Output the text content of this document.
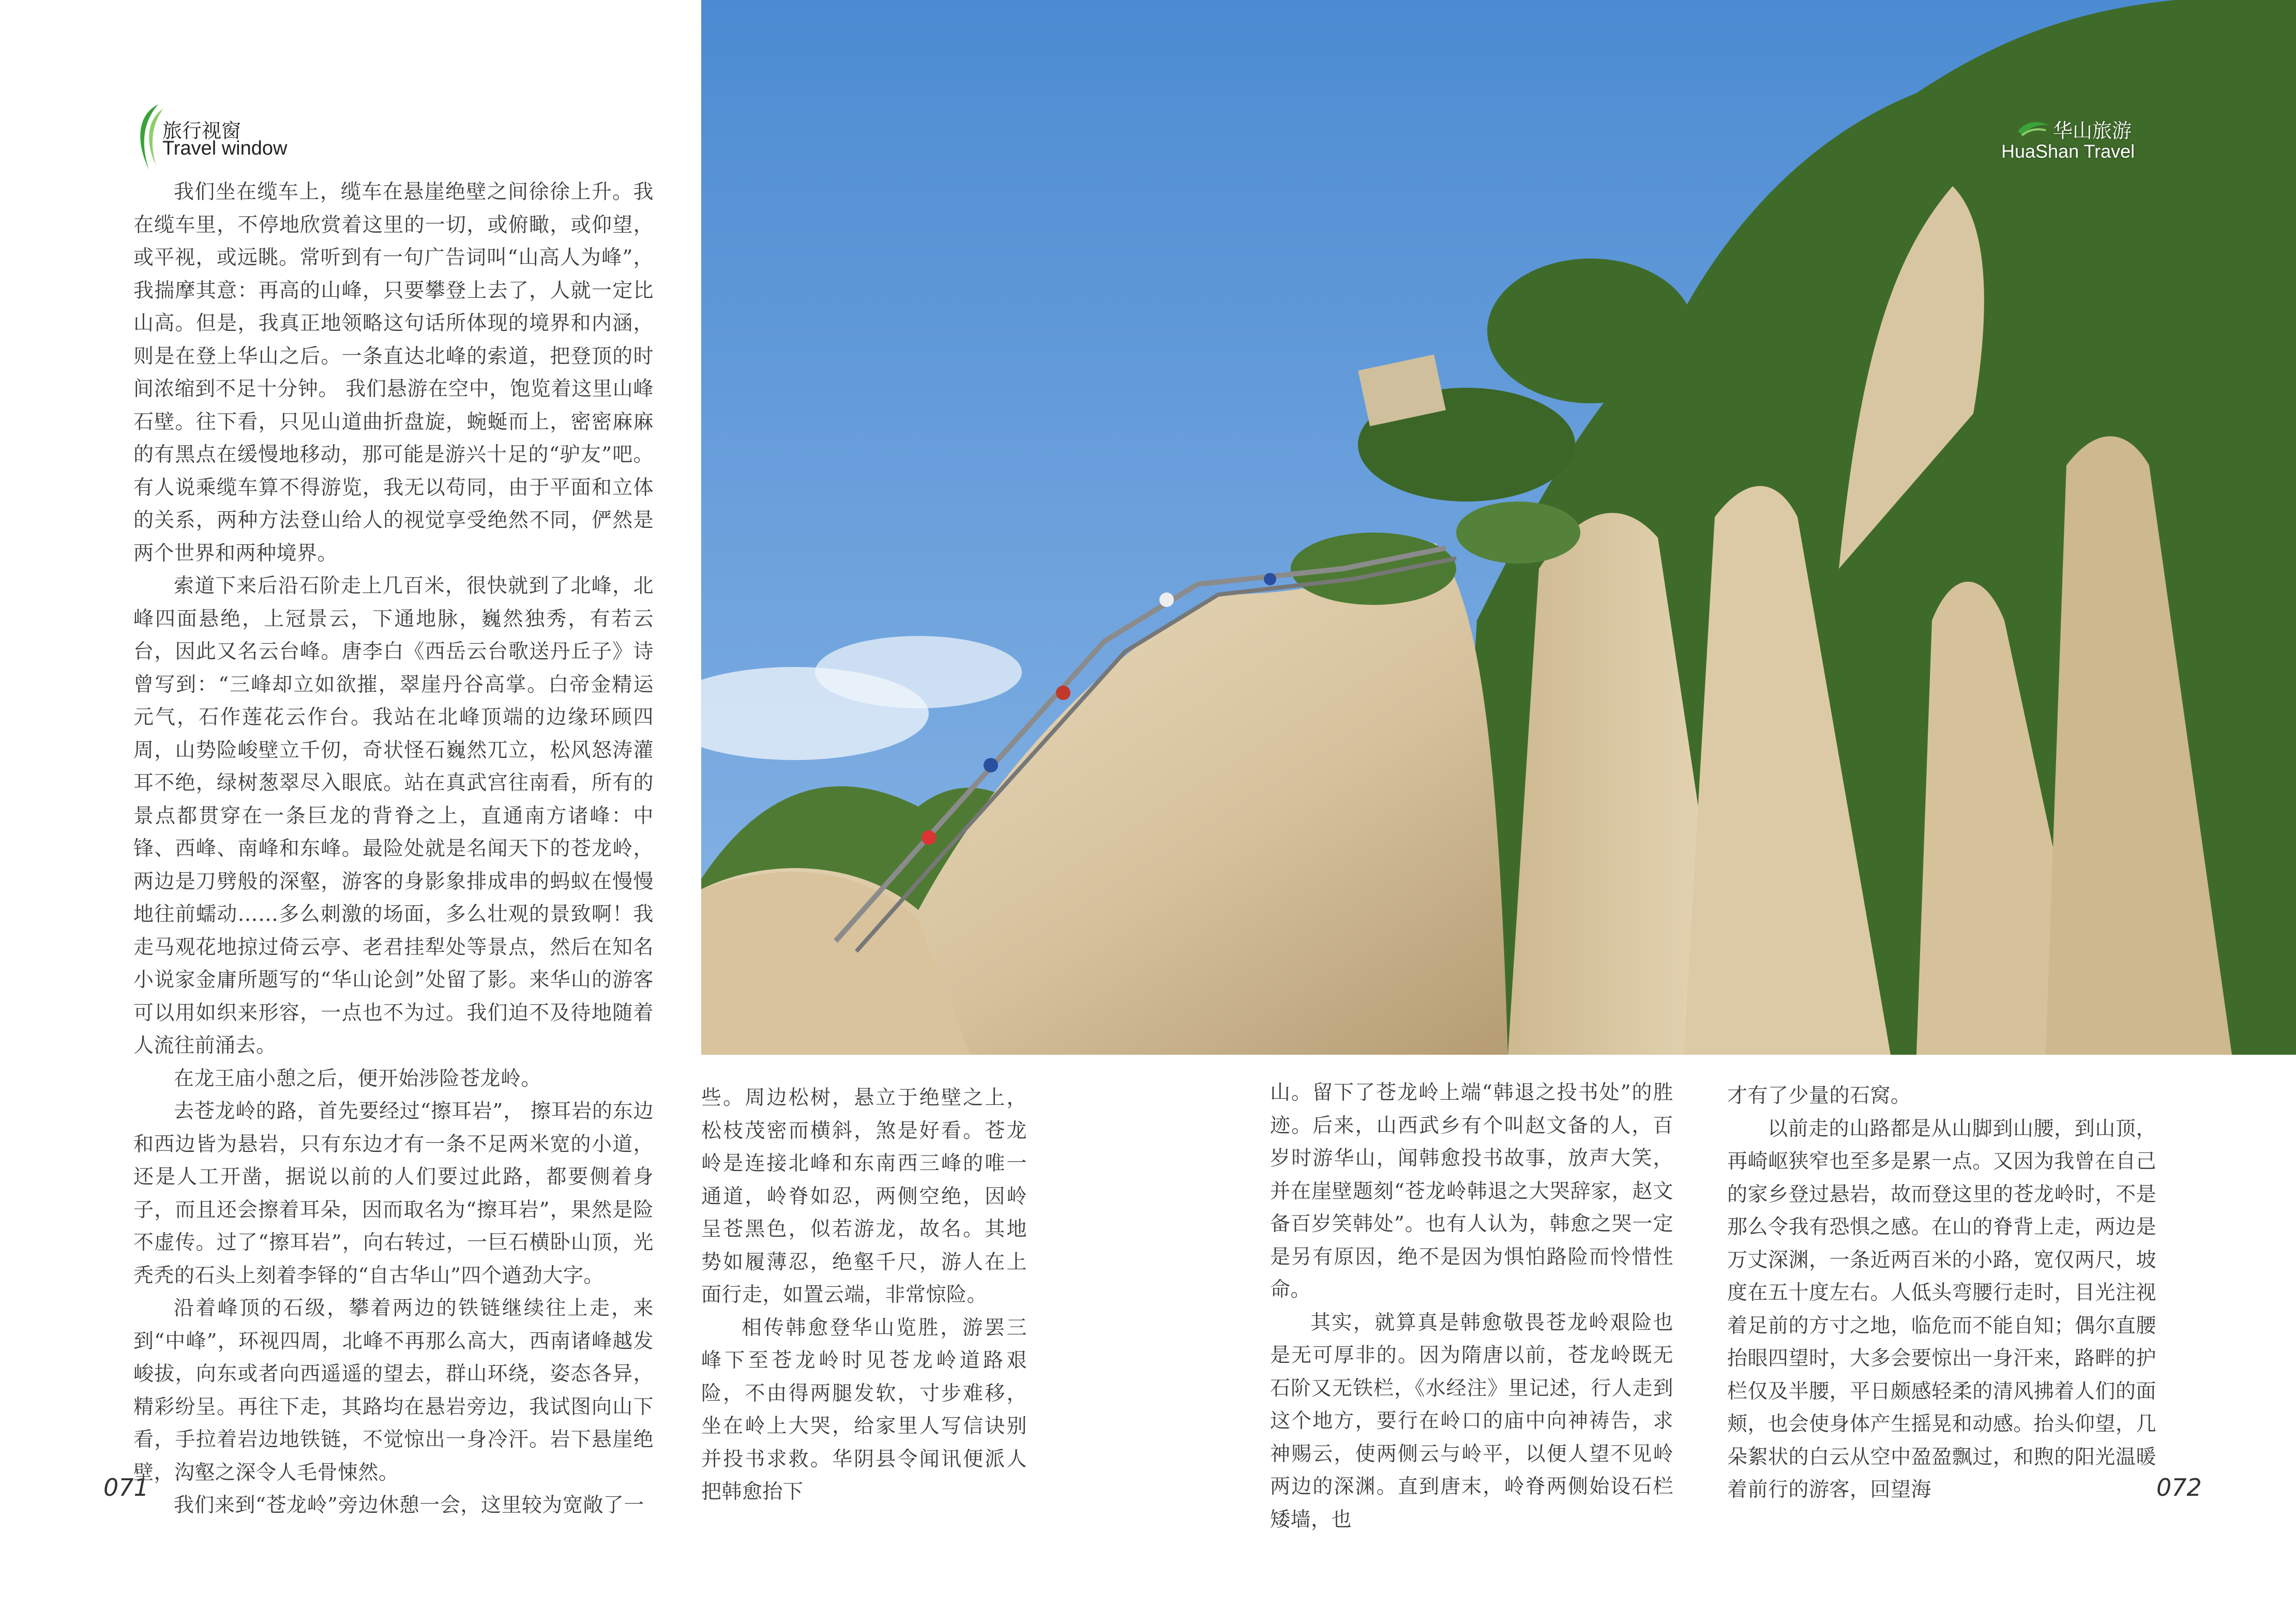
旅行视窗
Travel window

我们坐在缆车上，缆车在悬崖绝壁之间徐徐上升。我在缆车里，不停地欣赏着这里的一切，或俯瞰，或仰望，或平视，或远眺。常听到有一句广告词叫“山高人为峰”，我揣摩其意：再高的山峰，只要攀登上去了，人就一定比山高。但是，我真正地领略这句话所体现的境界和内涵，则是在登上华山之后。一条直达北峰的索道，把登顶的时间浓缩到不足十分钟。 我们悬游在空中，饱览着这里山峰石壁。往下看，只见山道曲折盘旋，蜿蜒而上，密密麻麻的有黑点在缓慢地移动，那可能是游兴十足的“驴友”吧。有人说乘缆车算不得游览，我无以苟同，由于平面和立体的关系，两种方法登山给人的视觉享受绝然不同，俨然是两个世界和两种境界。

索道下来后沿石阶走上几百米，很快就到了北峰，北峰四面悬绝，上冠景云，下通地脉，巍然独秀，有若云台，因此又名云台峰。唐李白《西岳云台歌送丹丘子》诗曾写到：“三峰却立如欲摧，翠崖丹谷高掌。白帝金精运元气，石作莲花云作台。我站在北峰顶端的边缘环顾四周，山势险峻壁立千仞，奇状怪石巍然兀立，松风怒涛灌耳不绝，绿树葱翠尽入眼底。站在真武宫往南看，所有的景点都贯穿在一条巨龙的背脊之上，直通南方诸峰：中锋、西峰、南峰和东峰。最险处就是名闻天下的苍龙岭，两边是刀劈般的深壑，游客的身影象排成串的蚂蚁在慢慢地往前蠕动……多么刺激的场面，多么壮观的景致啊！我走马观花地掠过倚云亭、老君挂犁处等景点，然后在知名小说家金庸所题写的“华山论剑”处留了影。来华山的游客可以用如织来形容，一点也不为过。我们迫不及待地随着人流往前涌去。

在龙王庙小憩之后，便开始涉险苍龙岭。

去苍龙岭的路，首先要经过“擦耳岩”， 擦耳岩的东边和西边皆为悬岩，只有东边才有一条不足两米宽的小道，还是人工开凿，据说以前的人们要过此路，都要侧着身子，而且还会擦着耳朵，因而取名为“擦耳岩”，果然是险不虚传。过了“擦耳岩”，向右转过，一巨石横卧山顶，光秃秃的石头上刻着李铎的“自古华山”四个遒劲大字。

沿着峰顶的石级，攀着两边的铁链继续往上走，来到“中峰”，环视四周，北峰不再那么高大，西南诸峰越发峻拔，向东或者向西遥遥的望去，群山环绕，姿态各异，精彩纷呈。再往下走，其路均在悬岩旁边，我试图向山下看，手拉着岩边地铁链，不觉惊出一身冷汗。岩下悬崖绝壁，沟壑之深令人毛骨悚然。

我们来到“苍龙岭”旁边休憩一会，这里较为宽敞了一

华山旅游
HuaShan Travel

些。周边松树，悬立于绝壁之上，松枝茂密而横斜，煞是好看。苍龙岭是连接北峰和东南西三峰的唯一通道，岭脊如忍，两侧空绝，因岭呈苍黑色，似若游龙，故名。其地势如履薄忍，绝壑千尺，游人在上面行走，如置云端，非常惊险。

相传韩愈登华山览胜，游罢三峰下至苍龙岭时见苍龙岭道路艰险，不由得两腿发软，寸步难移，坐在岭上大哭，给家里人写信诀别并投书求救。华阴县令闻讯便派人把韩愈抬下

山。留下了苍龙岭上端“韩退之投书处”的胜迹。后来，山西武乡有个叫赵文备的人，百岁时游华山，闻韩愈投书故事，放声大笑，并在崖壁题刻“苍龙岭韩退之大哭辞家，赵文备百岁笑韩处”。也有人认为，韩愈之哭一定是另有原因，绝不是因为惧怕路险而怜惜性命。

其实，就算真是韩愈敬畏苍龙岭艰险也是无可厚非的。因为隋唐以前，苍龙岭既无石阶又无铁栏，《水经注》里记述，行人走到这个地方，要行在岭口的庙中向神祷告，求神赐云，使两侧云与岭平，以便人望不见岭两边的深渊。直到唐末，岭脊两侧始设石栏矮墙，也

才有了少量的石窝。

以前走的山路都是从山脚到山腰，到山顶，再崎岖狭窄也至多是累一点。又因为我曾在自己的家乡登过悬岩，故而登这里的苍龙岭时，不是那么令我有恐惧之感。在山的脊背上走，两边是万丈深渊，一条近两百米的小路，宽仅两尺，坡度在五十度左右。人低头弯腰行走时，目光注视着足前的方寸之地，临危而不能自知；偶尔直腰抬眼四望时，大多会要惊出一身汗来，路畔的护栏仅及半腰，平日颇感轻柔的清风拂着人们的面颊，也会使身体产生摇晃和动感。抬头仰望，几朵絮状的白云从空中盈盈飘过，和煦的阳光温暖着前行的游客，回望海

071	072
